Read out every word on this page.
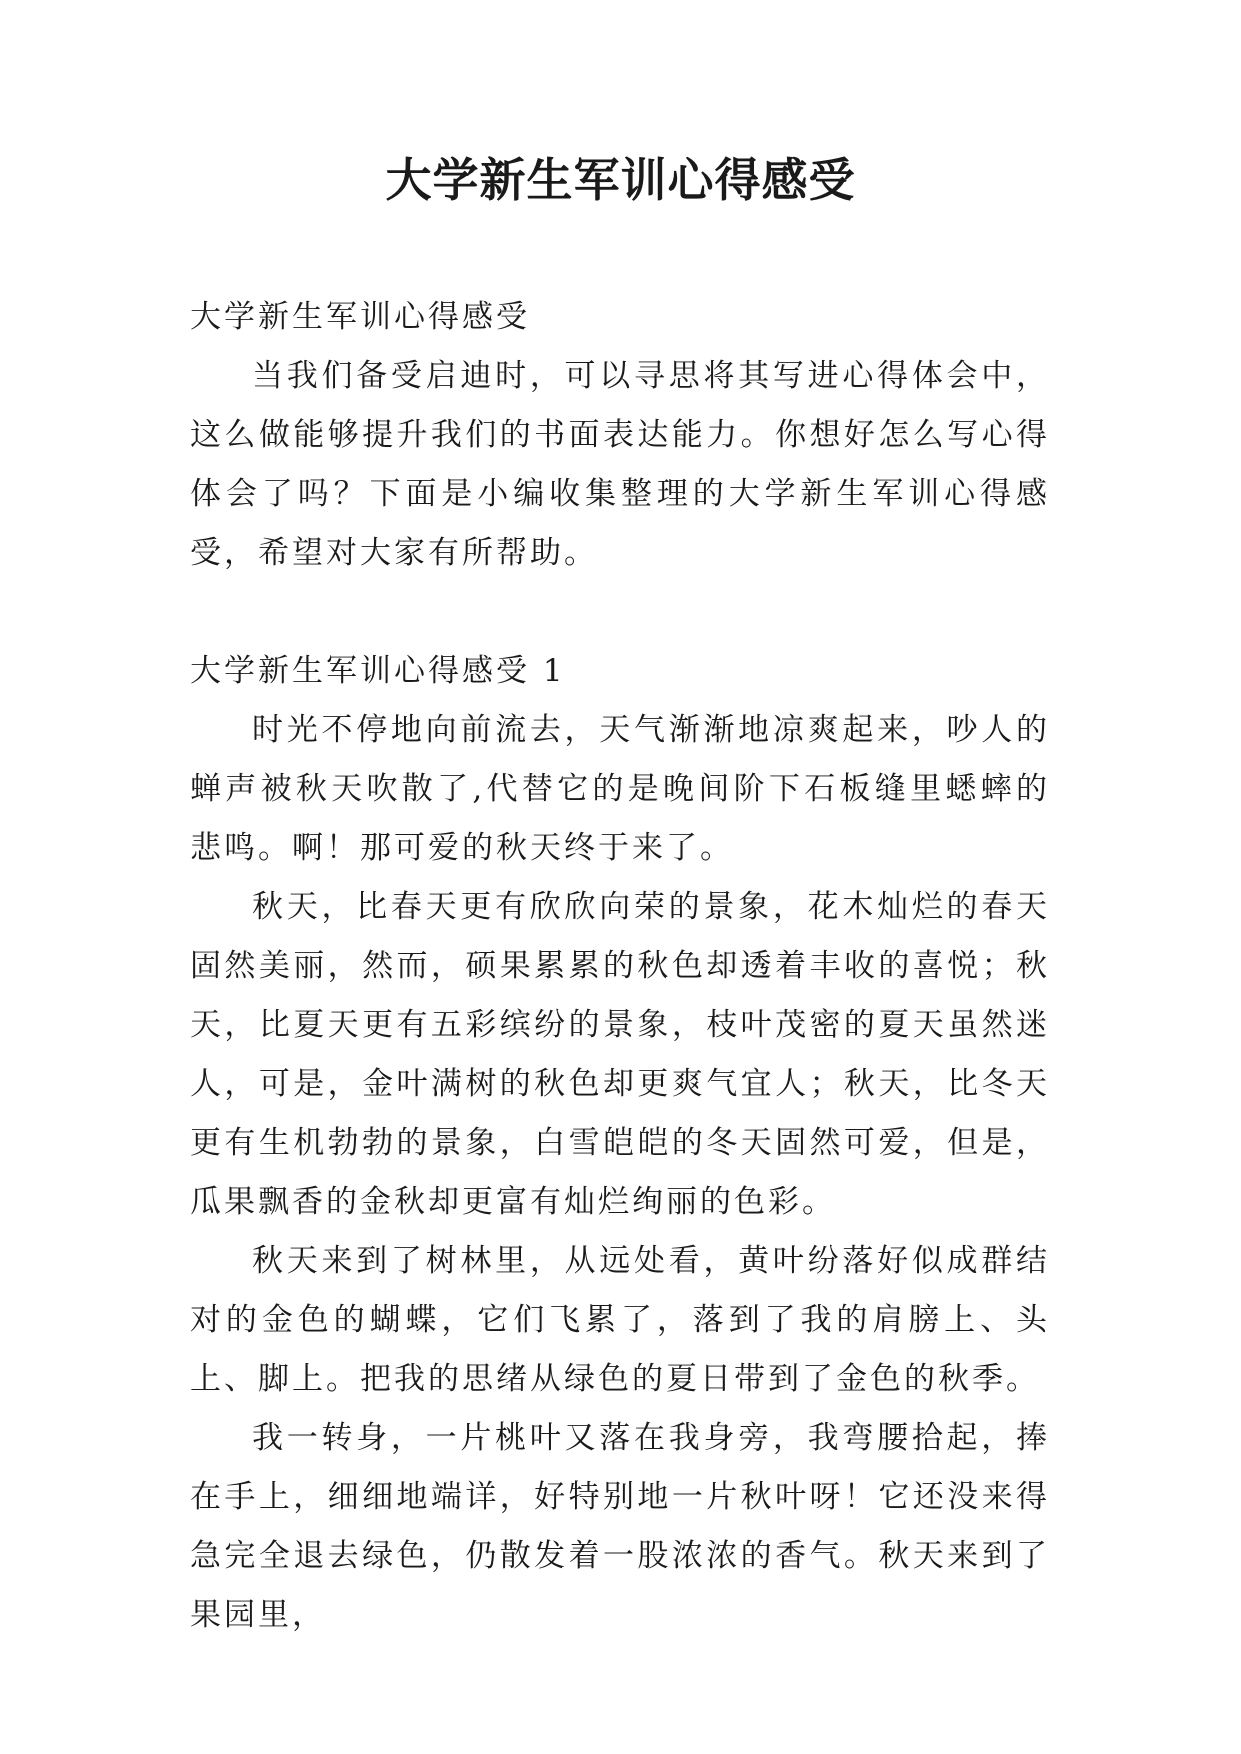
大学新生军训心得感受

大学新生军训心得感受

当我们备受启迪时，可以寻思将其写进心得体会中，这么做能够提升我们的书面表达能力。你想好怎么写心得体会了吗？下面是小编收集整理的大学新生军训心得感受，希望对大家有所帮助。

大学新生军训心得感受 1

时光不停地向前流去，天气渐渐地凉爽起来，吵人的蝉声被秋天吹散了,代替它的是晚间阶下石板缝里蟋蟀的悲鸣。啊！那可爱的秋天终于来了。

秋天，比春天更有欣欣向荣的景象，花木灿烂的春天固然美丽，然而，硕果累累的秋色却透着丰收的喜悦；秋天，比夏天更有五彩缤纷的景象，枝叶茂密的夏天虽然迷人，可是，金叶满树的秋色却更爽气宜人；秋天，比冬天更有生机勃勃的景象，白雪皑皑的冬天固然可爱，但是，瓜果飘香的金秋却更富有灿烂绚丽的色彩。

秋天来到了树林里，从远处看，黄叶纷落好似成群结对的金色的蝴蝶，它们飞累了，落到了我的肩膀上、头上、脚上。把我的思绪从绿色的夏日带到了金色的秋季。

我一转身，一片桃叶又落在我身旁，我弯腰拾起，捧在手上，细细地端详，好特别地一片秋叶呀！它还没来得急完全退去绿色，仍散发着一股浓浓的香气。秋天来到了果园里，
